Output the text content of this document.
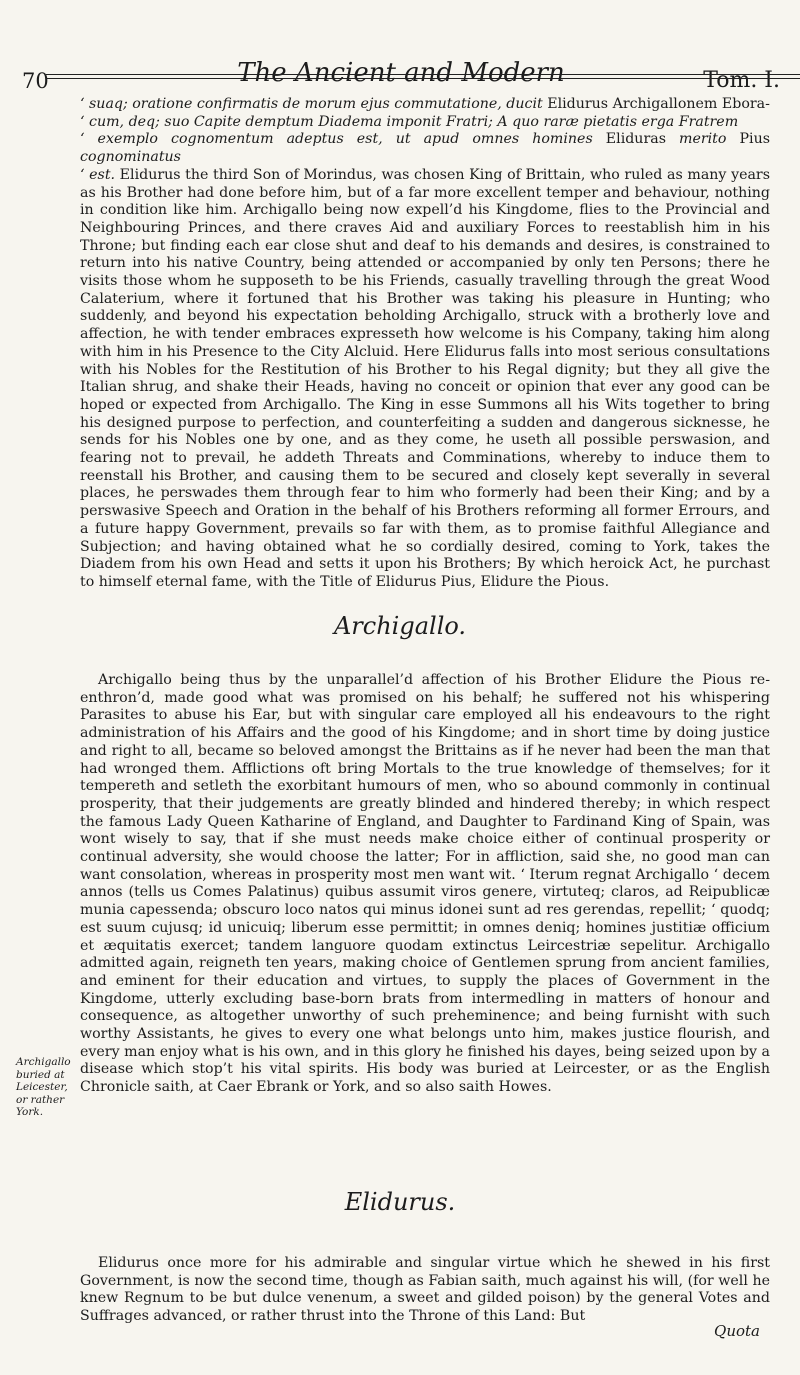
70	The Ancient and Modern	Tom. I.

‘ suaq; oratione confirmatis de morum ejus commutatione, ducit Elidurus Archigallonem Ebora-
‘ cum, deq; suo Capite demptum Diadema imponit Fratri; A quo raræ pietatis erga Fratrem
‘ exemplo cognomentum adeptus est, ut apud omnes homines Eliduras merito Pius cognominatus
‘ est. Elidurus the third Son of Morindus, was chosen King of Brittain, who ruled as many years as his Brother had done before him, but of a far more excellent temper and behaviour, nothing in condition like him. Archigallo being now expell’d his Kingdome, flies to the Provincial and Neighbouring Princes, and there craves Aid and auxiliary Forces to reestablish him in his Throne; but finding each ear close shut and deaf to his demands and desires, is constrained to return into his native Country, being attended or accompanied by only ten Persons; there he visits those whom he supposeth to be his Friends, casually travelling through the great Wood Calaterium, where it fortuned that his Brother was taking his pleasure in Hunting; who suddenly, and beyond his expectation beholding Archigallo, struck with a brotherly love and affection, he with tender embraces expresseth how welcome is his Company, taking him along with him in his Presence to the City Alcluid. Here Elidurus falls into most serious consultations with his Nobles for the Restitution of his Brother to his Regal dignity; but they all give the Italian shrug, and shake their Heads, having no conceit or opinion that ever any good can be hoped or expected from Archigallo. The King in esse Summons all his Wits together to bring his designed purpose to perfection, and counterfeiting a sudden and dangerous sicknesse, he sends for his Nobles one by one, and as they come, he useth all possible perswasion, and fearing not to prevail, he addeth Threats and Comminations, whereby to induce them to reenstall his Brother, and causing them to be secured and closely kept severally in several places, he perswades them through fear to him who formerly had been their King; and by a perswasive Speech and Oration in the behalf of his Brothers reforming all former Errours, and a future happy Government, prevails so far with them, as to promise faithful Allegiance and Subjection; and having obtained what he so cordially desired, coming to York, takes the Diadem from his own Head and setts it upon his Brothers; By which heroick Act, he purchast to himself eternal fame, with the Title of Elidurus Pius, Elidure the Pious.

Archigallo.

Archigallo being thus by the unparallel’d affection of his Brother Elidure the Pious re-enthron’d, made good what was promised on his behalf; he suffered not his whispering Parasites to abuse his Ear, but with singular care employed all his endeavours to the right administration of his Affairs and the good of his Kingdome; and in short time by doing justice and right to all, became so beloved amongst the Brittains as if he never had been the man that had wronged them. Afflictions oft bring Mortals to the true knowledge of themselves; for it tempereth and setleth the exorbitant humours of men, who so abound commonly in continual prosperity, that their judgements are greatly blinded and hindered thereby; in which respect the famous Lady Queen Katharine of England, and Daughter to Fardinand King of Spain, was wont wisely to say, that if she must needs make choice either of continual prosperity or continual adversity, she would choose the latter; For in affliction, said she, no good man can want consolation, whereas in prosperity most men want wit. ‘ Iterum regnat Archigallo ‘ decem annos (tells us Comes Palatinus) quibus assumit viros genere, virtuteq; claros, ad Reipublicæ munia capessenda; obscuro loco natos qui minus idonei sunt ad res gerendas, repellit; ‘ quodq; est suum cujusq; id unicuiq; liberum esse permittit; in omnes deniq; homines justitiæ officium et æquitatis exercet; tandem languore quodam extinctus Leircestriæ sepelitur. Archigallo admitted again, reigneth ten years, making choice of Gentlemen sprung from ancient families, and eminent for their education and virtues, to supply the places of Government in the Kingdome, utterly excluding base-born brats from intermedling in matters of honour and consequence, as altogether unworthy of such preheminence; and being furnisht with such worthy Assistants, he gives to every one what belongs unto him, makes justice flourish, and every man enjoy what is his own, and in this glory he finished his dayes, being seized upon by a disease which stop’t his vital spirits. His body was buried at Leircester, or as the English Chronicle saith, at Caer Ebrank or York, and so also saith Howes.

Archigallo buried at Leicester, or rather York.
Elidurus.

Elidurus once more for his admirable and singular virtue which he shewed in his first Government, is now the second time, though as Fabian saith, much against his will, (for well he knew Regnum to be but dulce venenum, a sweet and gilded poison) by the general Votes and Suffrages advanced, or rather thrust into the Throne of this Land: But

Quota
